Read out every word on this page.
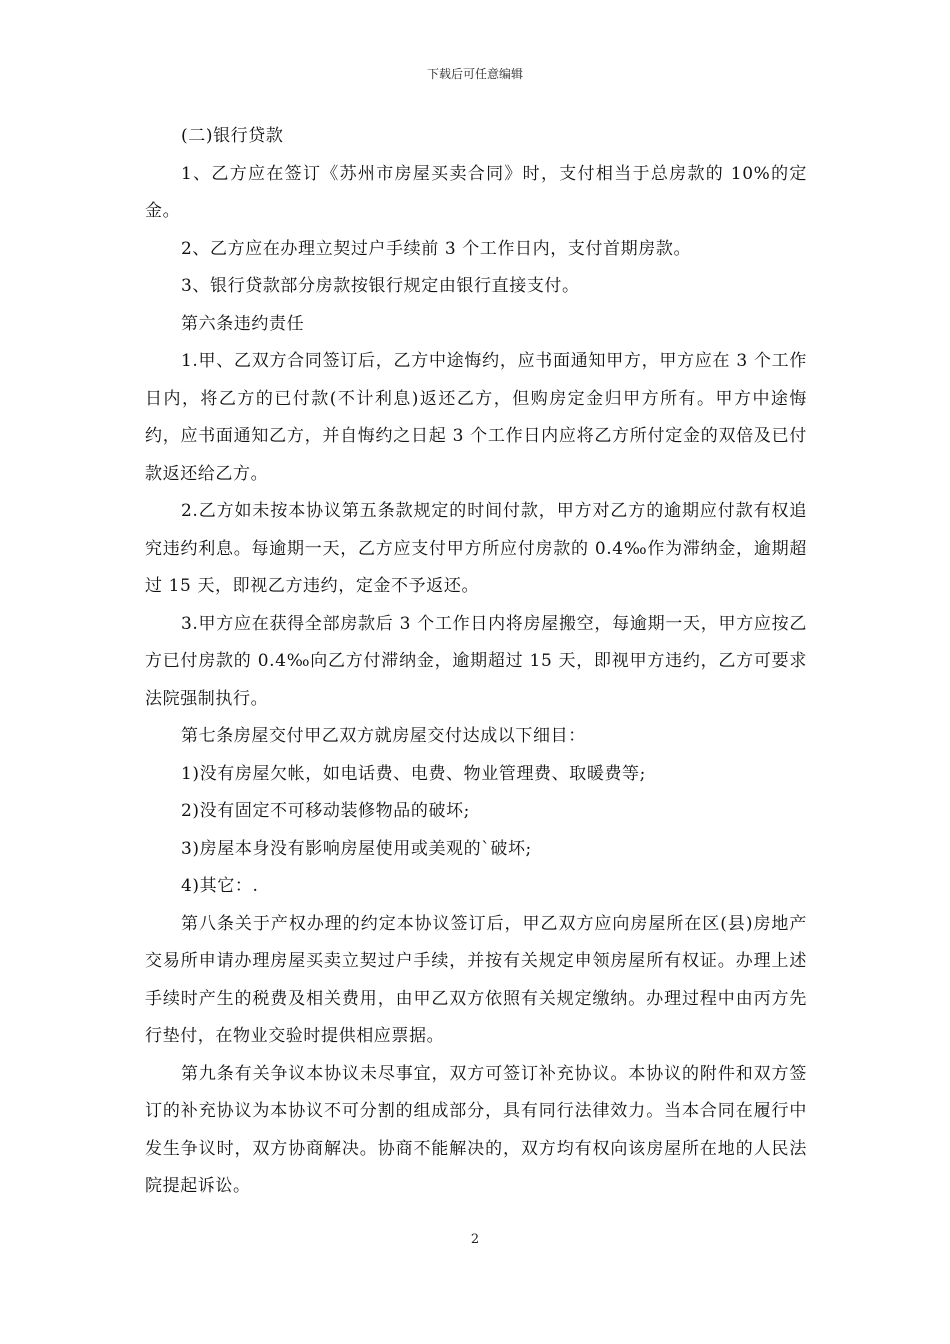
下载后可任意编辑

(二)银行贷款

1、乙方应在签订《苏州市房屋买卖合同》时，支付相当于总房款的 10%的定金。

2、乙方应在办理立契过户手续前 3 个工作日内，支付首期房款。

3、银行贷款部分房款按银行规定由银行直接支付。

第六条违约责任

1.甲、乙双方合同签订后，乙方中途悔约，应书面通知甲方，甲方应在 3 个工作日内，将乙方的已付款(不计利息)返还乙方，但购房定金归甲方所有。甲方中途悔约，应书面通知乙方，并自悔约之日起 3 个工作日内应将乙方所付定金的双倍及已付款返还给乙方。

2.乙方如未按本协议第五条款规定的时间付款，甲方对乙方的逾期应付款有权追究违约利息。每逾期一天，乙方应支付甲方所应付房款的 0.4‰作为滞纳金，逾期超过 15 天，即视乙方违约，定金不予返还。

3.甲方应在获得全部房款后 3 个工作日内将房屋搬空，每逾期一天，甲方应按乙方已付房款的 0.4‰向乙方付滞纳金，逾期超过 15 天，即视甲方违约，乙方可要求法院强制执行。

第七条房屋交付甲乙双方就房屋交付达成以下细目：

1)没有房屋欠帐，如电话费、电费、物业管理费、取暖费等;

2)没有固定不可移动装修物品的破坏;

3)房屋本身没有影响房屋使用或美观的`破坏;

4)其它：.

第八条关于产权办理的约定本协议签订后，甲乙双方应向房屋所在区(县)房地产交易所申请办理房屋买卖立契过户手续，并按有关规定申领房屋所有权证。办理上述手续时产生的税费及相关费用，由甲乙双方依照有关规定缴纳。办理过程中由丙方先行垫付，在物业交验时提供相应票据。

第九条有关争议本协议未尽事宜，双方可签订补充协议。本协议的附件和双方签订的补充协议为本协议不可分割的组成部分，具有同行法律效力。当本合同在履行中发生争议时，双方协商解决。协商不能解决的，双方均有权向该房屋所在地的人民法院提起诉讼。

2
